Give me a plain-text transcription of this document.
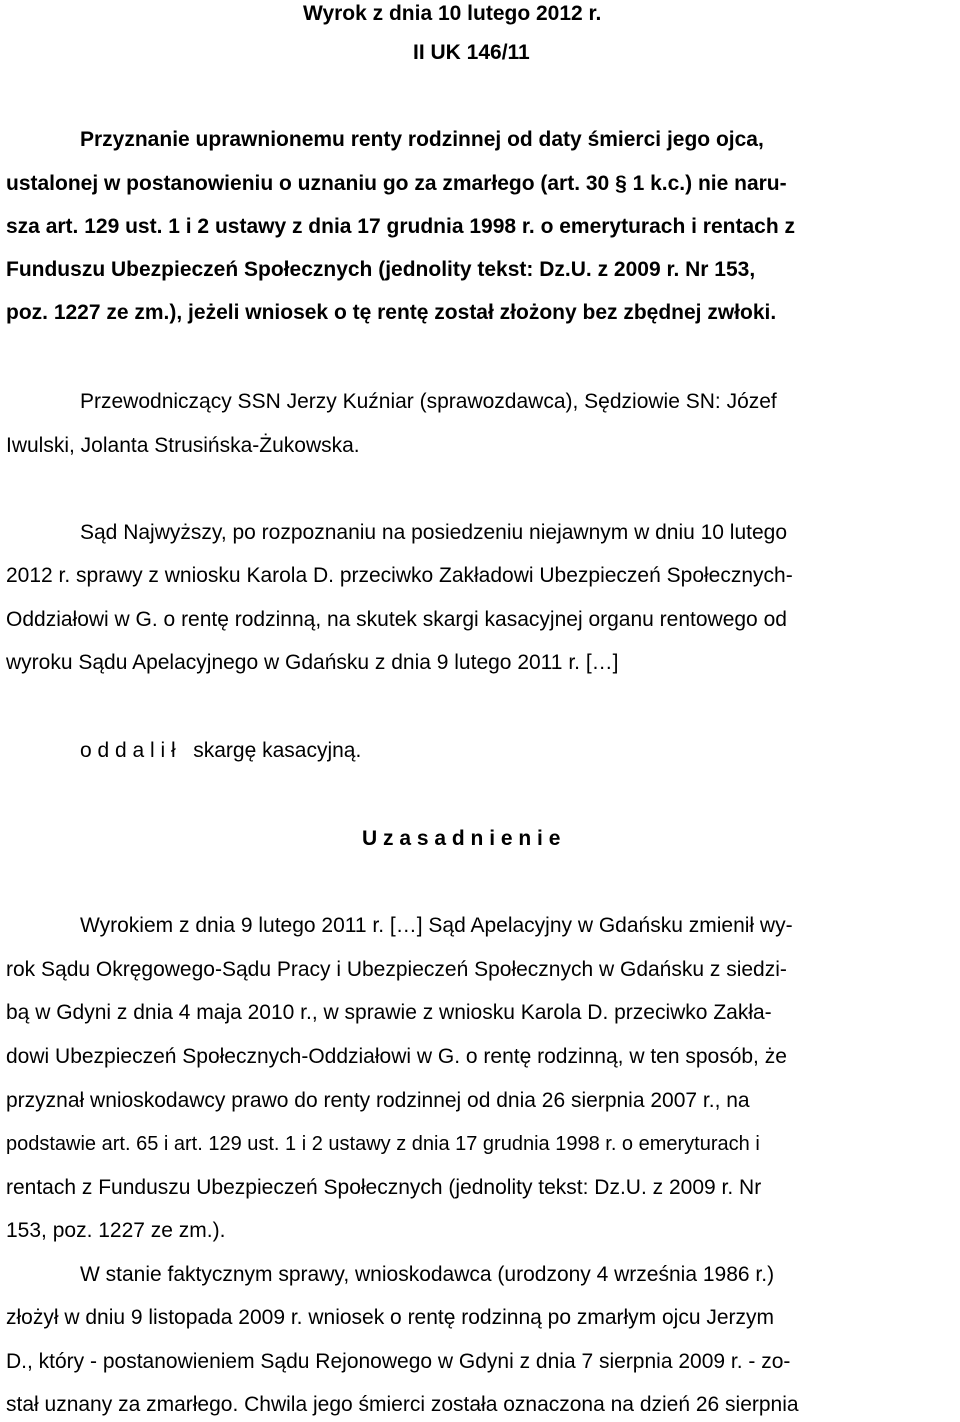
Wyrok z dnia 10 lutego 2012 r.
II UK 146/11
Przyznanie uprawnionemu renty rodzinnej od daty śmierci jego ojca,
ustalonej w postanowieniu o uznaniu go za zmarłego (art. 30 § 1 k.c.) nie naru-
sza art. 129 ust. 1 i 2 ustawy z dnia 17 grudnia 1998 r. o emeryturach i rentach z
Funduszu Ubezpieczeń Społecznych (jednolity tekst: Dz.U. z 2009 r. Nr 153,
poz. 1227 ze zm.), jeżeli wniosek o tę rentę został złożony bez zbędnej zwłoki.
Przewodniczący SSN Jerzy Kuźniar (sprawozdawca), Sędziowie SN: Józef
Iwulski, Jolanta Strusińska-Żukowska.
Sąd Najwyższy, po rozpoznaniu na posiedzeniu niejawnym w dniu 10 lutego
2012 r. sprawy z wniosku Karola D. przeciwko Zakładowi Ubezpieczeń Społecznych-
Oddziałowi w G. o rentę rodzinną, na skutek skargi kasacyjnej organu rentowego od
wyroku Sądu Apelacyjnego w Gdańsku z dnia 9 lutego 2011 r. […]
o d d a l i ł   skargę kasacyjną.
U z a s a d n i e n i e
Wyrokiem z dnia 9 lutego 2011 r. […] Sąd Apelacyjny w Gdańsku zmienił wy-
rok Sądu Okręgowego-Sądu Pracy i Ubezpieczeń Społecznych w Gdańsku z siedzi-
bą w Gdyni z dnia 4 maja 2010 r., w sprawie z wniosku Karola D. przeciwko Zakła-
dowi Ubezpieczeń Społecznych-Oddziałowi w G. o rentę rodzinną, w ten sposób, że
przyznał wnioskodawcy prawo do renty rodzinnej od dnia 26 sierpnia 2007 r., na
podstawie art. 65 i art. 129 ust. 1 i 2 ustawy z dnia 17 grudnia 1998 r. o emeryturach i
rentach z Funduszu Ubezpieczeń Społecznych (jednolity tekst: Dz.U. z 2009 r. Nr
153, poz. 1227 ze zm.).
W stanie faktycznym sprawy, wnioskodawca (urodzony 4 września 1986 r.)
złożył w dniu 9 listopada 2009 r. wniosek o rentę rodzinną po zmarłym ojcu Jerzym
D., który - postanowieniem Sądu Rejonowego w Gdyni z dnia 7 sierpnia 2009 r. - zo-
stał uznany za zmarłego. Chwila jego śmierci została oznaczona na dzień 26 sierpnia
